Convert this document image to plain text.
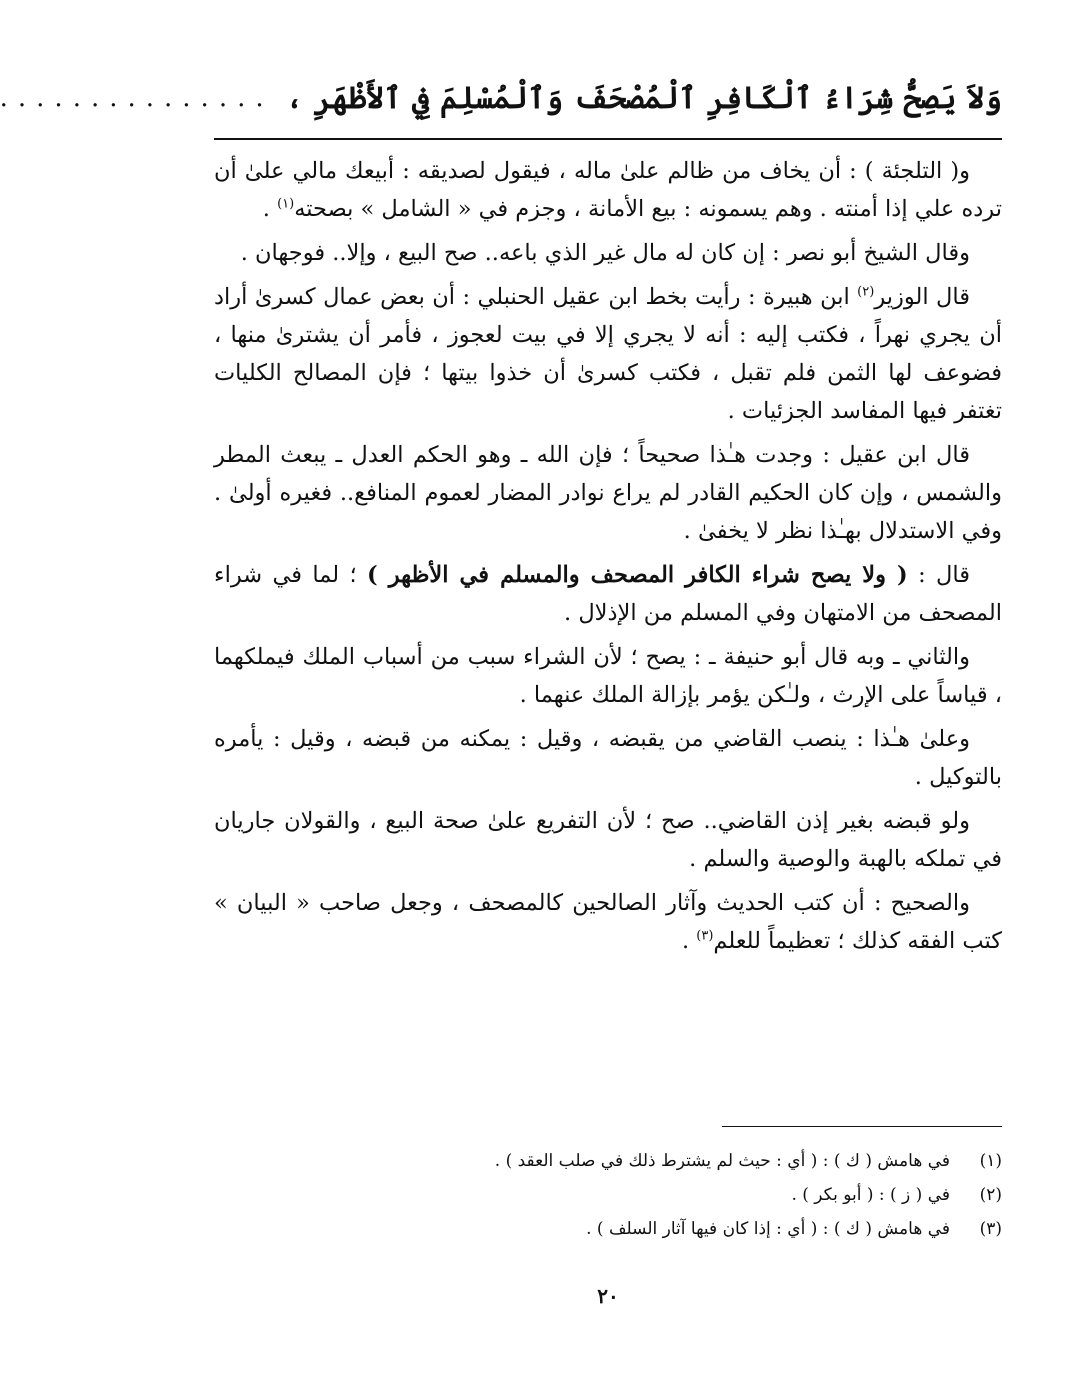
وَلاَ يَصِحُّ شِرَاءُ ٱلْكَافِرِ ٱلْمُصْحَفَ وَٱلْمُسْلِمَ فِي ٱلأَظْهَرِ ،
...............

و( التلجئة ) : أن يخاف من ظالم علىٰ ماله ، فيقول لصديقه : أبيعك مالي علىٰ أن ترده علي إذا أمنته . وهم يسمونه : بيع الأمانة ، وجزم في « الشامل » بصحته$^{(١)}$ .

وقال الشيخ أبو نصر : إن كان له مال غير الذي باعه.. صح البيع ، وإلا.. فوجهان .

قال الوزير$^{(٢)}$ ابن هبيرة : رأيت بخط ابن عقيل الحنبلي : أن بعض عمال كسرىٰ أراد أن يجري نهراً ، فكتب إليه : أنه لا يجري إلا في بيت لعجوز ، فأمر أن يشترىٰ منها ، فضوعف لها الثمن فلم تقبل ، فكتب كسرىٰ أن خذوا بيتها ؛ فإن المصالح الكليات تغتفر فيها المفاسد الجزئيات .

قال ابن عقيل : وجدت هـٰذا صحيحاً ؛ فإن الله ـ وهو الحكم العدل ـ يبعث المطر والشمس ، وإن كان الحكيم القادر لم يراع نوادر المضار لعموم المنافع.. فغيره أولىٰ . وفي الاستدلال بهـٰذا نظر لا يخفىٰ .

قال : ( ولا يصح شراء الكافر المصحف والمسلم في الأظهر ) ؛ لما في شراء المصحف من الامتهان وفي المسلم من الإذلال .

والثاني ـ وبه قال أبو حنيفة ـ : يصح ؛ لأن الشراء سبب من أسباب الملك فيملكهما ، قياساً على الإرث ، ولـٰكن يؤمر بإزالة الملك عنهما .

وعلىٰ هـٰذا : ينصب القاضي من يقبضه ، وقيل : يمكنه من قبضه ، وقيل : يأمره بالتوكيل .

ولو قبضه بغير إذن القاضي.. صح ؛ لأن التفريع علىٰ صحة البيع ، والقولان جاريان في تملكه بالهبة والوصية والسلم .

والصحيح : أن كتب الحديث وآثار الصالحين كالمصحف ، وجعل صاحب « البيان » كتب الفقه كذلك ؛ تعظيماً للعلم$^{(٣)}$ .

(١)
في هامش ( ك ) : ( أي : حيث لم يشترط ذلك في صلب العقد ) .
(٢)
في ( ز ) : ( أبو بكر ) .
(٣)
في هامش ( ك ) : ( أي : إذا كان فيها آثار السلف ) .
٢٠
